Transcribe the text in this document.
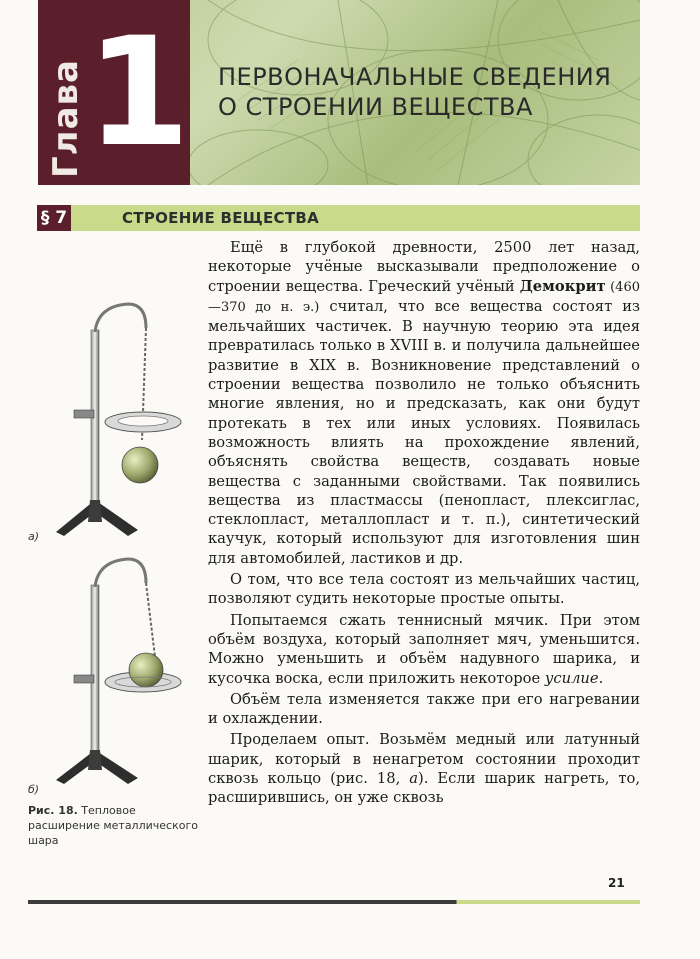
Глава 1 ПЕРВОНАЧАЛЬНЫЕ СВЕДЕНИЯ
О СТРОЕНИИ ВЕЩЕСТВА
§ 7	СТРОЕНИЕ ВЕЩЕСТВА

Ещё в глубокой древности, 2500 лет назад, некоторые учёные высказывали предположение о строении вещества. Греческий учёный Демокрит (460—370 до н. э.) считал, что все вещества состоят из мельчайших частичек. В научную теорию эта идея превратилась только в XVIII в. и получила дальнейшее развитие в XIX в. Возникновение представлений о строении вещества позволило не только объяснить многие явления, но и предсказать, как они будут протекать в тех или иных условиях. Появилась возможность влиять на прохождение явлений, объяснять свойства веществ, создавать новые вещества с заданными свойствами. Так появились вещества из пластмассы (пенопласт, плексиглас, стеклопласт, металлопласт и т. п.), синтетический каучук, который используют для изготовления шин для автомобилей, ластиков и др.

О том, что все тела состоят из мельчайших частиц, позволяют судить некоторые простые опыты.

Попытаемся сжать теннисный мячик. При этом объём воздуха, который заполняет мяч, уменьшится. Можно уменьшить и объём надувного шарика, и кусочка воска, если приложить некоторое усилие.

Объём тела изменяется также при его нагревании и охлаждении.

Проделаем опыт. Возьмём медный или латунный шарик, который в ненагретом состоянии проходит сквозь кольцо (рис. 18, а). Если шарик нагреть, то, расширившись, он уже сквозь

а)
б)
Рис. 18. Тепловое расширение металлического шара
21
